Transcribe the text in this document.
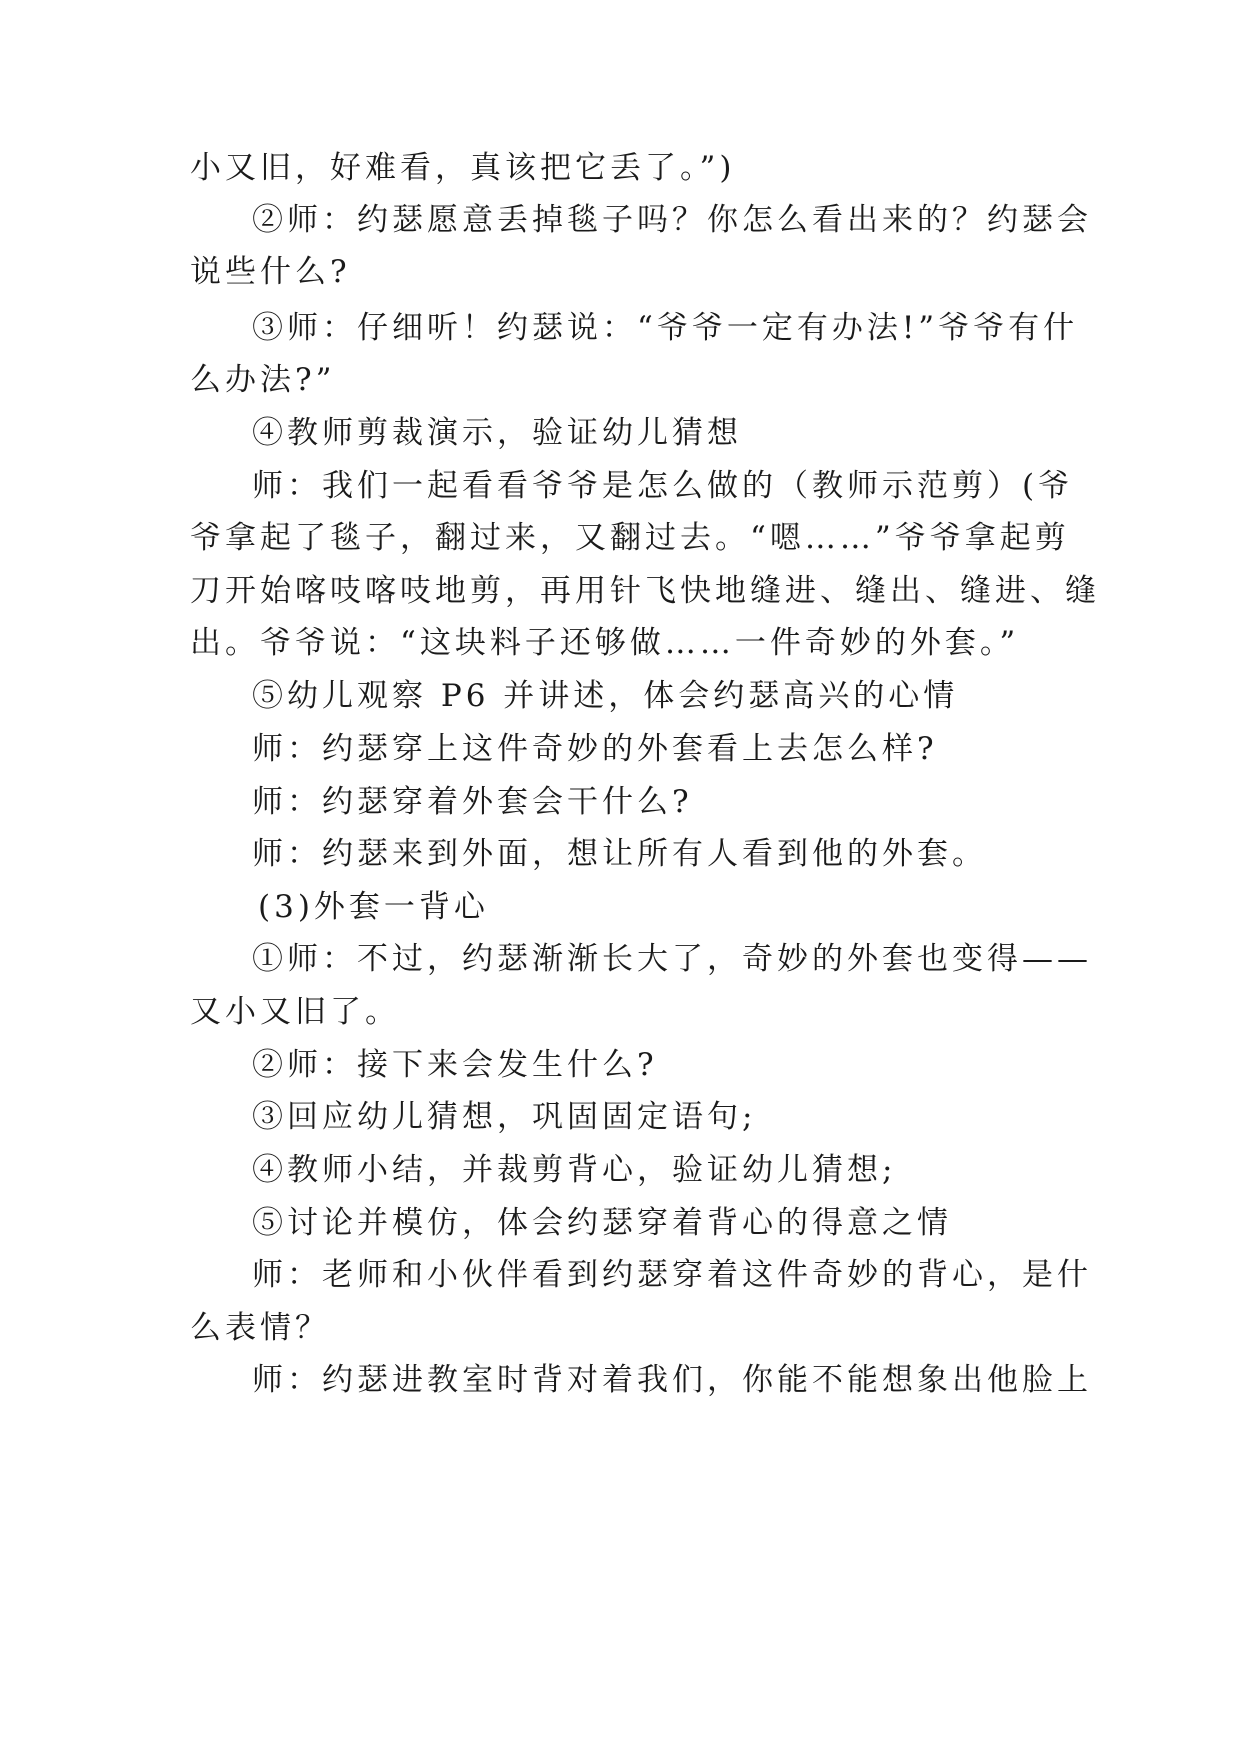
小又旧，好难看，真该把它丢了。”)
②师：约瑟愿意丢掉毯子吗？你怎么看出来的？约瑟会
说些什么?
③师：仔细听！约瑟说：“爷爷一定有办法!”爷爷有什
么办法?”
④教师剪裁演示，验证幼儿猜想
师：我们一起看看爷爷是怎么做的（教师示范剪）(爷
爷拿起了毯子，翻过来，又翻过去。“嗯……”爷爷拿起剪
刀开始喀吱喀吱地剪，再用针飞快地缝进、缝出、缝进、缝
出。爷爷说：“这块料子还够做……一件奇妙的外套。”
⑤幼儿观察 P6 并讲述，体会约瑟高兴的心情
师：约瑟穿上这件奇妙的外套看上去怎么样?
师：约瑟穿着外套会干什么?
师：约瑟来到外面，想让所有人看到他的外套。
(3)外套一背心
①师：不过，约瑟渐渐长大了，奇妙的外套也变得——
又小又旧了。
②师：接下来会发生什么?
③回应幼儿猜想，巩固固定语句;
④教师小结，并裁剪背心，验证幼儿猜想;
⑤讨论并模仿，体会约瑟穿着背心的得意之情
师：老师和小伙伴看到约瑟穿着这件奇妙的背心，是什
么表情？
师：约瑟进教室时背对着我们，你能不能想象出他脸上
